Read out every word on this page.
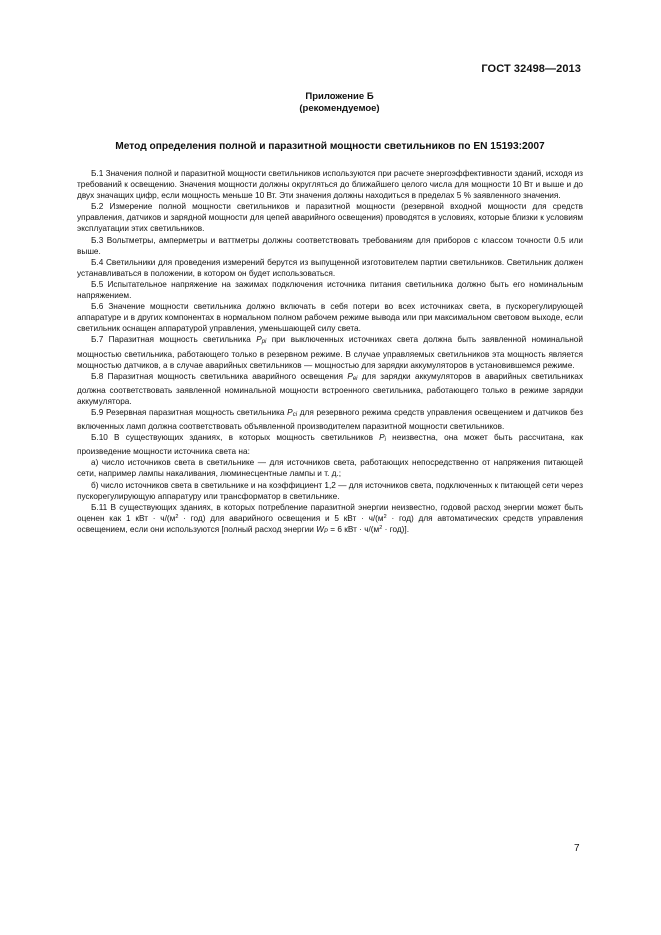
ГОСТ 32498—2013
Приложение Б
(рекомендуемое)
Метод определения полной и паразитной мощности светильников по EN 15193:2007

Б.1 Значения полной и паразитной мощности светильников используются при расчете энергоэффективности зданий, исходя из требований к освещению. Значения мощности должны округляться до ближайшего целого числа для мощности 10 Вт и выше и до двух значащих цифр, если мощность меньше 10 Вт. Эти значения должны находиться в пределах 5 % заявленного значения.

Б.2 Измерение полной мощности светильников и паразитной мощности (резервной входной мощности для средств управления, датчиков и зарядной мощности для цепей аварийного освещения) проводятся в условиях, которые близки к условиям эксплуатации этих светильников.

Б.3 Вольтметры, амперметры и ваттметры должны соответствовать требованиям для приборов с классом точности 0.5 или выше.

Б.4 Светильники для проведения измерений берутся из выпущенной изготовителем партии светильников. Светильник должен устанавливаться в положении, в котором он будет использоваться.

Б.5 Испытательное напряжение на зажимах подключения источника питания светильника должно быть его номинальным напряжением.

Б.6 Значение мощности светильника должно включать в себя потери во всех источниках света, в пускорегулирующей аппаратуре и в других компонентах в нормальном полном рабочем режиме вывода или при максимальном световом выходе, если светильник оснащен аппаратурой управления, уменьшающей силу света.

Б.7 Паразитная мощность светильника $P_{pi}$ при выключенных источниках света должна быть заявленной номинальной мощностью светильника, работающего только в резервном режиме. В случае управляемых светильников эта мощность является мощностью датчиков, а в случае аварийных светильников — мощностью для зарядки аккумуляторов в установившемся режиме.

Б.8 Паразитная мощность светильника аварийного освещения $P_{ei}$ для зарядки аккумуляторов в аварийных светильниках должна соответствовать заявленной номинальной мощности встроенного светильника, работающего только в режиме зарядки аккумулятора.

Б.9 Резервная паразитная мощность светильника $P_{ci}$ для резервного режима средств управления освещением и датчиков без включенных ламп должна соответствовать объявленной производителем паразитной мощности светильников.

Б.10 В существующих зданиях, в которых мощность светильников $P_i$ неизвестна, она может быть рассчитана, как произведение мощности источника света на:

а) число источников света в светильнике — для источников света, работающих непосредственно от напряжения питающей сети, например лампы накаливания, люминесцентные лампы и т. д.;

б) число источников света в светильнике и на коэффициент 1,2 — для источников света, подключенных к питающей сети через пускорегулирующую аппаратуру или трансформатор в светильнике.

Б.11 В существующих зданиях, в которых потребление паразитной энергии неизвестно, годовой расход энергии может быть оценен как 1 кВт · $ч/(м^2 \cdot год)$ для аварийного освещения и 5 кВт · $ч/(м^2 \cdot год)$ для автоматических средств управления освещением, если они используются [полный расход энергии $W_P = 6$ кВт · $ч/(м^2 \cdot год)$].

7
